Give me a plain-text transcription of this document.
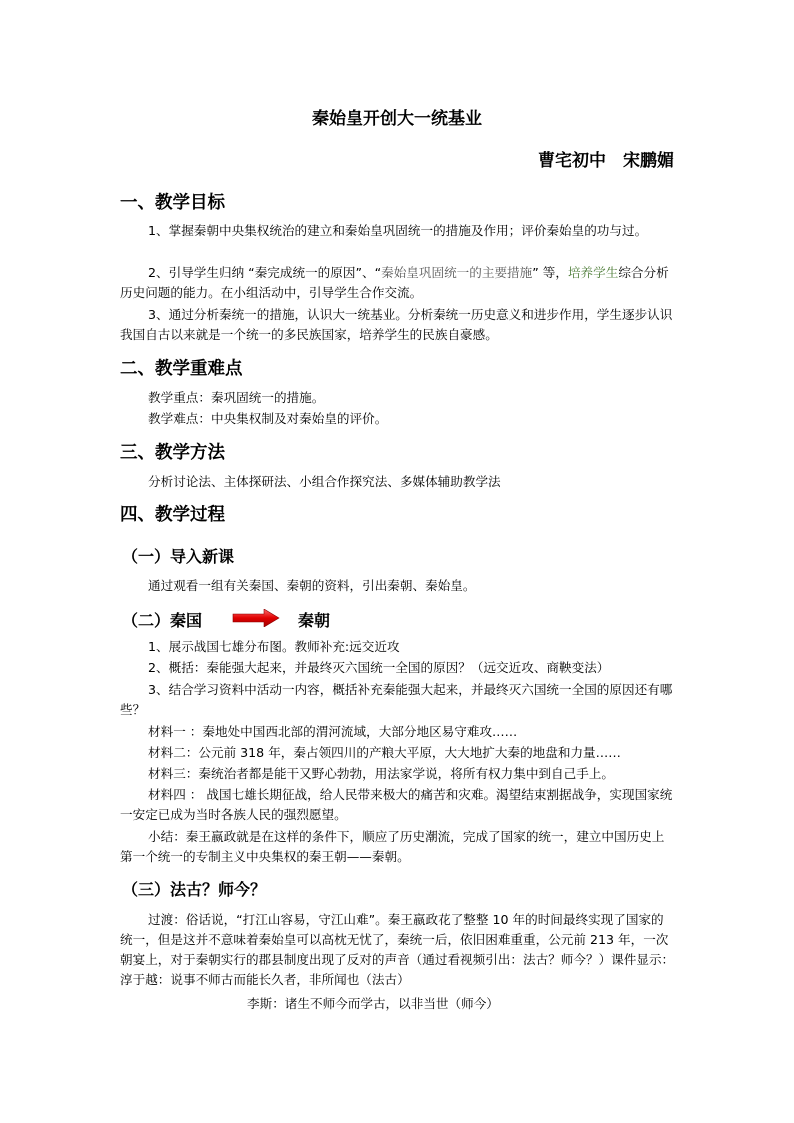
秦始皇开创大一统基业
曹宅初中　宋鹏媚
一、教学目标
1、掌握秦朝中央集权统治的建立和秦始皇巩固统一的措施及作用；评价秦始皇的功与过。
2、引导学生归纳 “秦完成统一的原因”、“秦始皇巩固统一的主要措施” 等，培养学生综合分析历史问题的能力。在小组活动中，引导学生合作交流。
3、通过分析秦统一的措施，认识大一统基业。分析秦统一历史意义和进步作用，学生逐步认识我国自古以来就是一个统一的多民族国家，培养学生的民族自豪感。
二、教学重难点
教学重点：秦巩固统一的措施。
教学难点：中央集权制及对秦始皇的评价。
三、教学方法
分析讨论法、主体探研法、小组合作探究法、多媒体辅助教学法
四、教学过程
（一）导入新课
通过观看一组有关秦国、秦朝的资料，引出秦朝、秦始皇。
（二）秦国	秦朝
1、展示战国七雄分布图。教师补充:远交近攻
2、概括：秦能强大起来，并最终灭六国统一全国的原因？（远交近攻、商鞅变法）
3、结合学习资料中活动一内容，概括补充秦能强大起来，并最终灭六国统一全国的原因还有哪些？
材料一 ：秦地处中国西北部的渭河流域，大部分地区易守难攻……
材料二：公元前 318 年，秦占领四川的产粮大平原，大大地扩大秦的地盘和力量……
材料三：秦统治者都是能干又野心勃勃，用法家学说，将所有权力集中到自己手上。
材料四 ： 战国七雄长期征战，给人民带来极大的痛苦和灾难。渴望结束割据战争，实现国家统一安定已成为当时各族人民的强烈愿望。
小结：秦王嬴政就是在这样的条件下，顺应了历史潮流，完成了国家的统一，建立中国历史上第一个统一的专制主义中央集权的秦王朝——秦朝。
（三）法古？师今？
过渡：俗话说，“打江山容易，守江山难”。秦王嬴政花了整整 10 年的时间最终实现了国家的统一，但是这并不意味着秦始皇可以高枕无忧了，秦统一后，依旧困难重重，公元前 213 年，一次朝宴上，对于秦朝实行的郡县制度出现了反对的声音（通过看视频引出：法古？师今？）课件显示：淳于越：说事不师古而能长久者，非所闻也（法古）
李斯：诸生不师今而学古，以非当世（师今）
